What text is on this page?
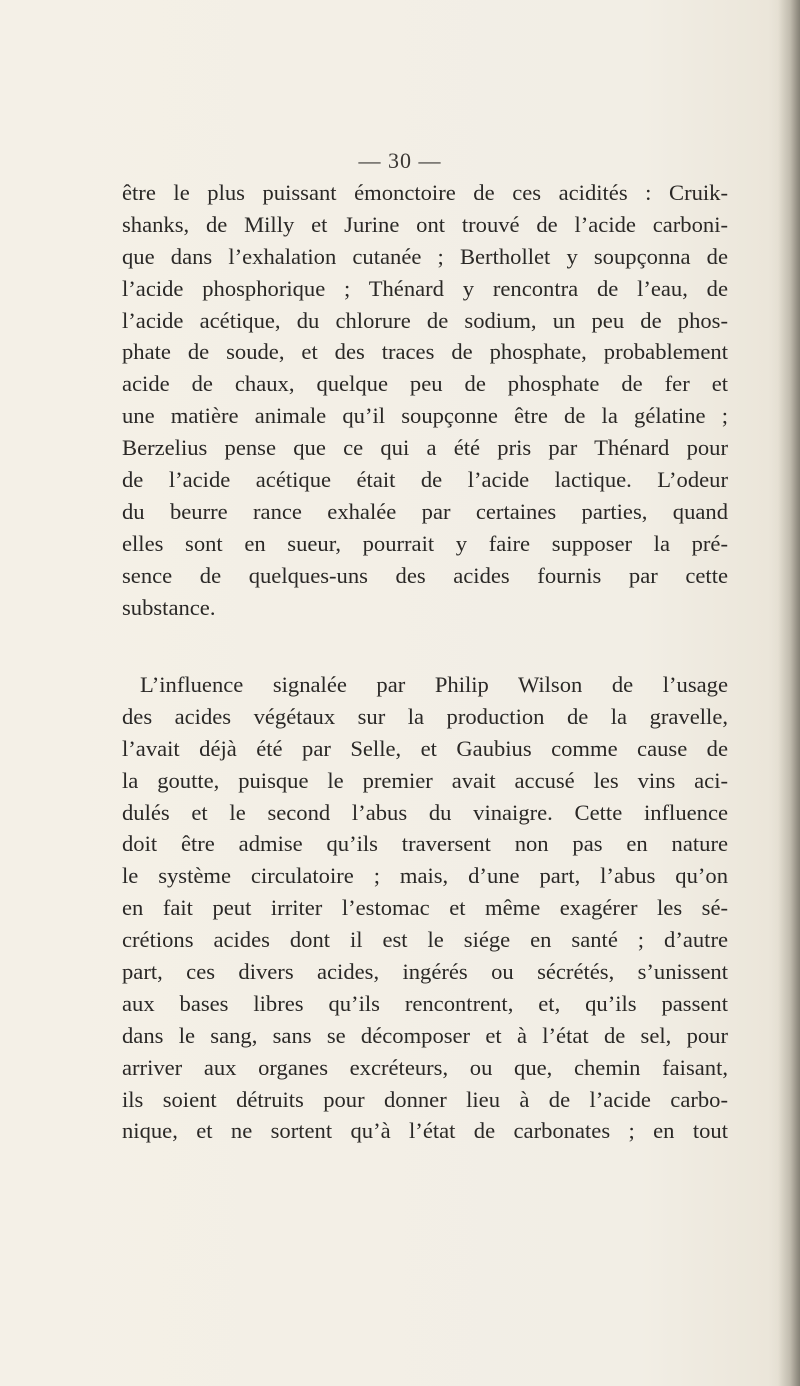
— 30 —
être le plus puissant émonctoire de ces acidités : Cruik-
shanks, de Milly et Jurine ont trouvé de l’acide carboni-
que dans l’exhalation cutanée ; Berthollet y soupçonna de
l’acide phosphorique ; Thénard y rencontra de l’eau, de
l’acide acétique, du chlorure de sodium, un peu de phos-
phate de soude, et des traces de phosphate, probablement
acide de chaux, quelque peu de phosphate de fer et
une matière animale qu’il soupçonne être de la gélatine ;
Berzelius pense que ce qui a été pris par Thénard pour
de l’acide acétique était de l’acide lactique. L’odeur
du beurre rance exhalée par certaines parties, quand
elles sont en sueur, pourrait y faire supposer la pré-
sence de quelques-uns des acides fournis par cette
substance.
L’influence signalée par Philip Wilson de l’usage
des acides végétaux sur la production de la gravelle,
l’avait déjà été par Selle, et Gaubius comme cause de
la goutte, puisque le premier avait accusé les vins aci-
dulés et le second l’abus du vinaigre. Cette influence
doit être admise qu’ils traversent non pas en nature
le système circulatoire ; mais, d’une part, l’abus qu’on
en fait peut irriter l’estomac et même exagérer les sé-
crétions acides dont il est le siége en santé ; d’autre
part, ces divers acides, ingérés ou sécrétés, s’unissent
aux bases libres qu’ils rencontrent, et, qu’ils passent
dans le sang, sans se décomposer et à l’état de sel, pour
arriver aux organes excréteurs, ou que, chemin faisant,
ils soient détruits pour donner lieu à de l’acide carbo-
nique, et ne sortent qu’à l’état de carbonates ; en tout
